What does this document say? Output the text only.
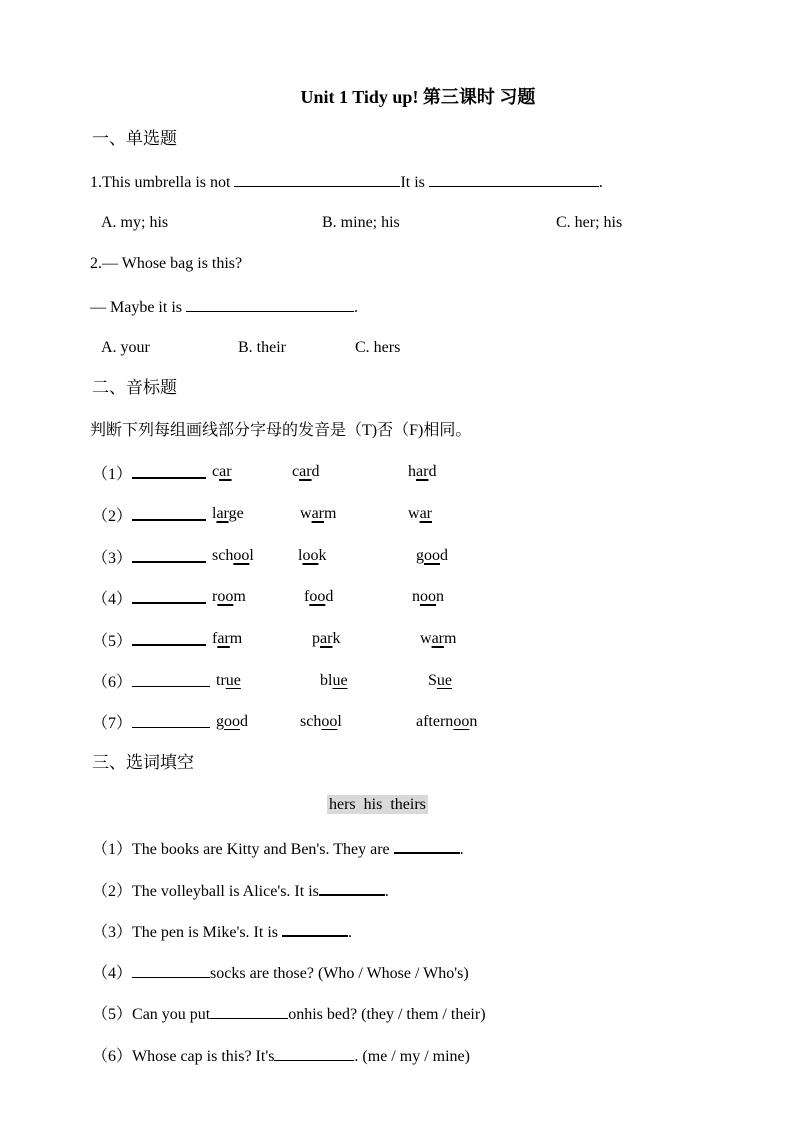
Unit 1 Tidy up! 第三课时 习题
一、单选题
1.This umbrella is not	It is	.
A. my; his	B. mine; his	C. her; his
2.— Whose bag is this?
— Maybe it is	.
A. your	B. their	C. hers
二、音标题
判断下列每组画线部分字母的发音是（T)否（F)相同。
（1）	car	card	hard
（2）	large	warm	war
（3）	school	look	good
（4）	room	food	noon
（5）	farm	park	warm
（6）	true	blue	Sue
（7）	good	school	afternoon
三、选词填空
hers his theirs
（1）The books are Kitty and Ben's. They are	.
（2）The volleyball is Alice's. It is	.
（3）The pen is Mike's. It is	.
（4）	socks are those? (Who / Whose / Who's)
（5）Can you put	onhis bed? (they / them / their)
（6）Whose cap is this? It's	. (me / my / mine)
